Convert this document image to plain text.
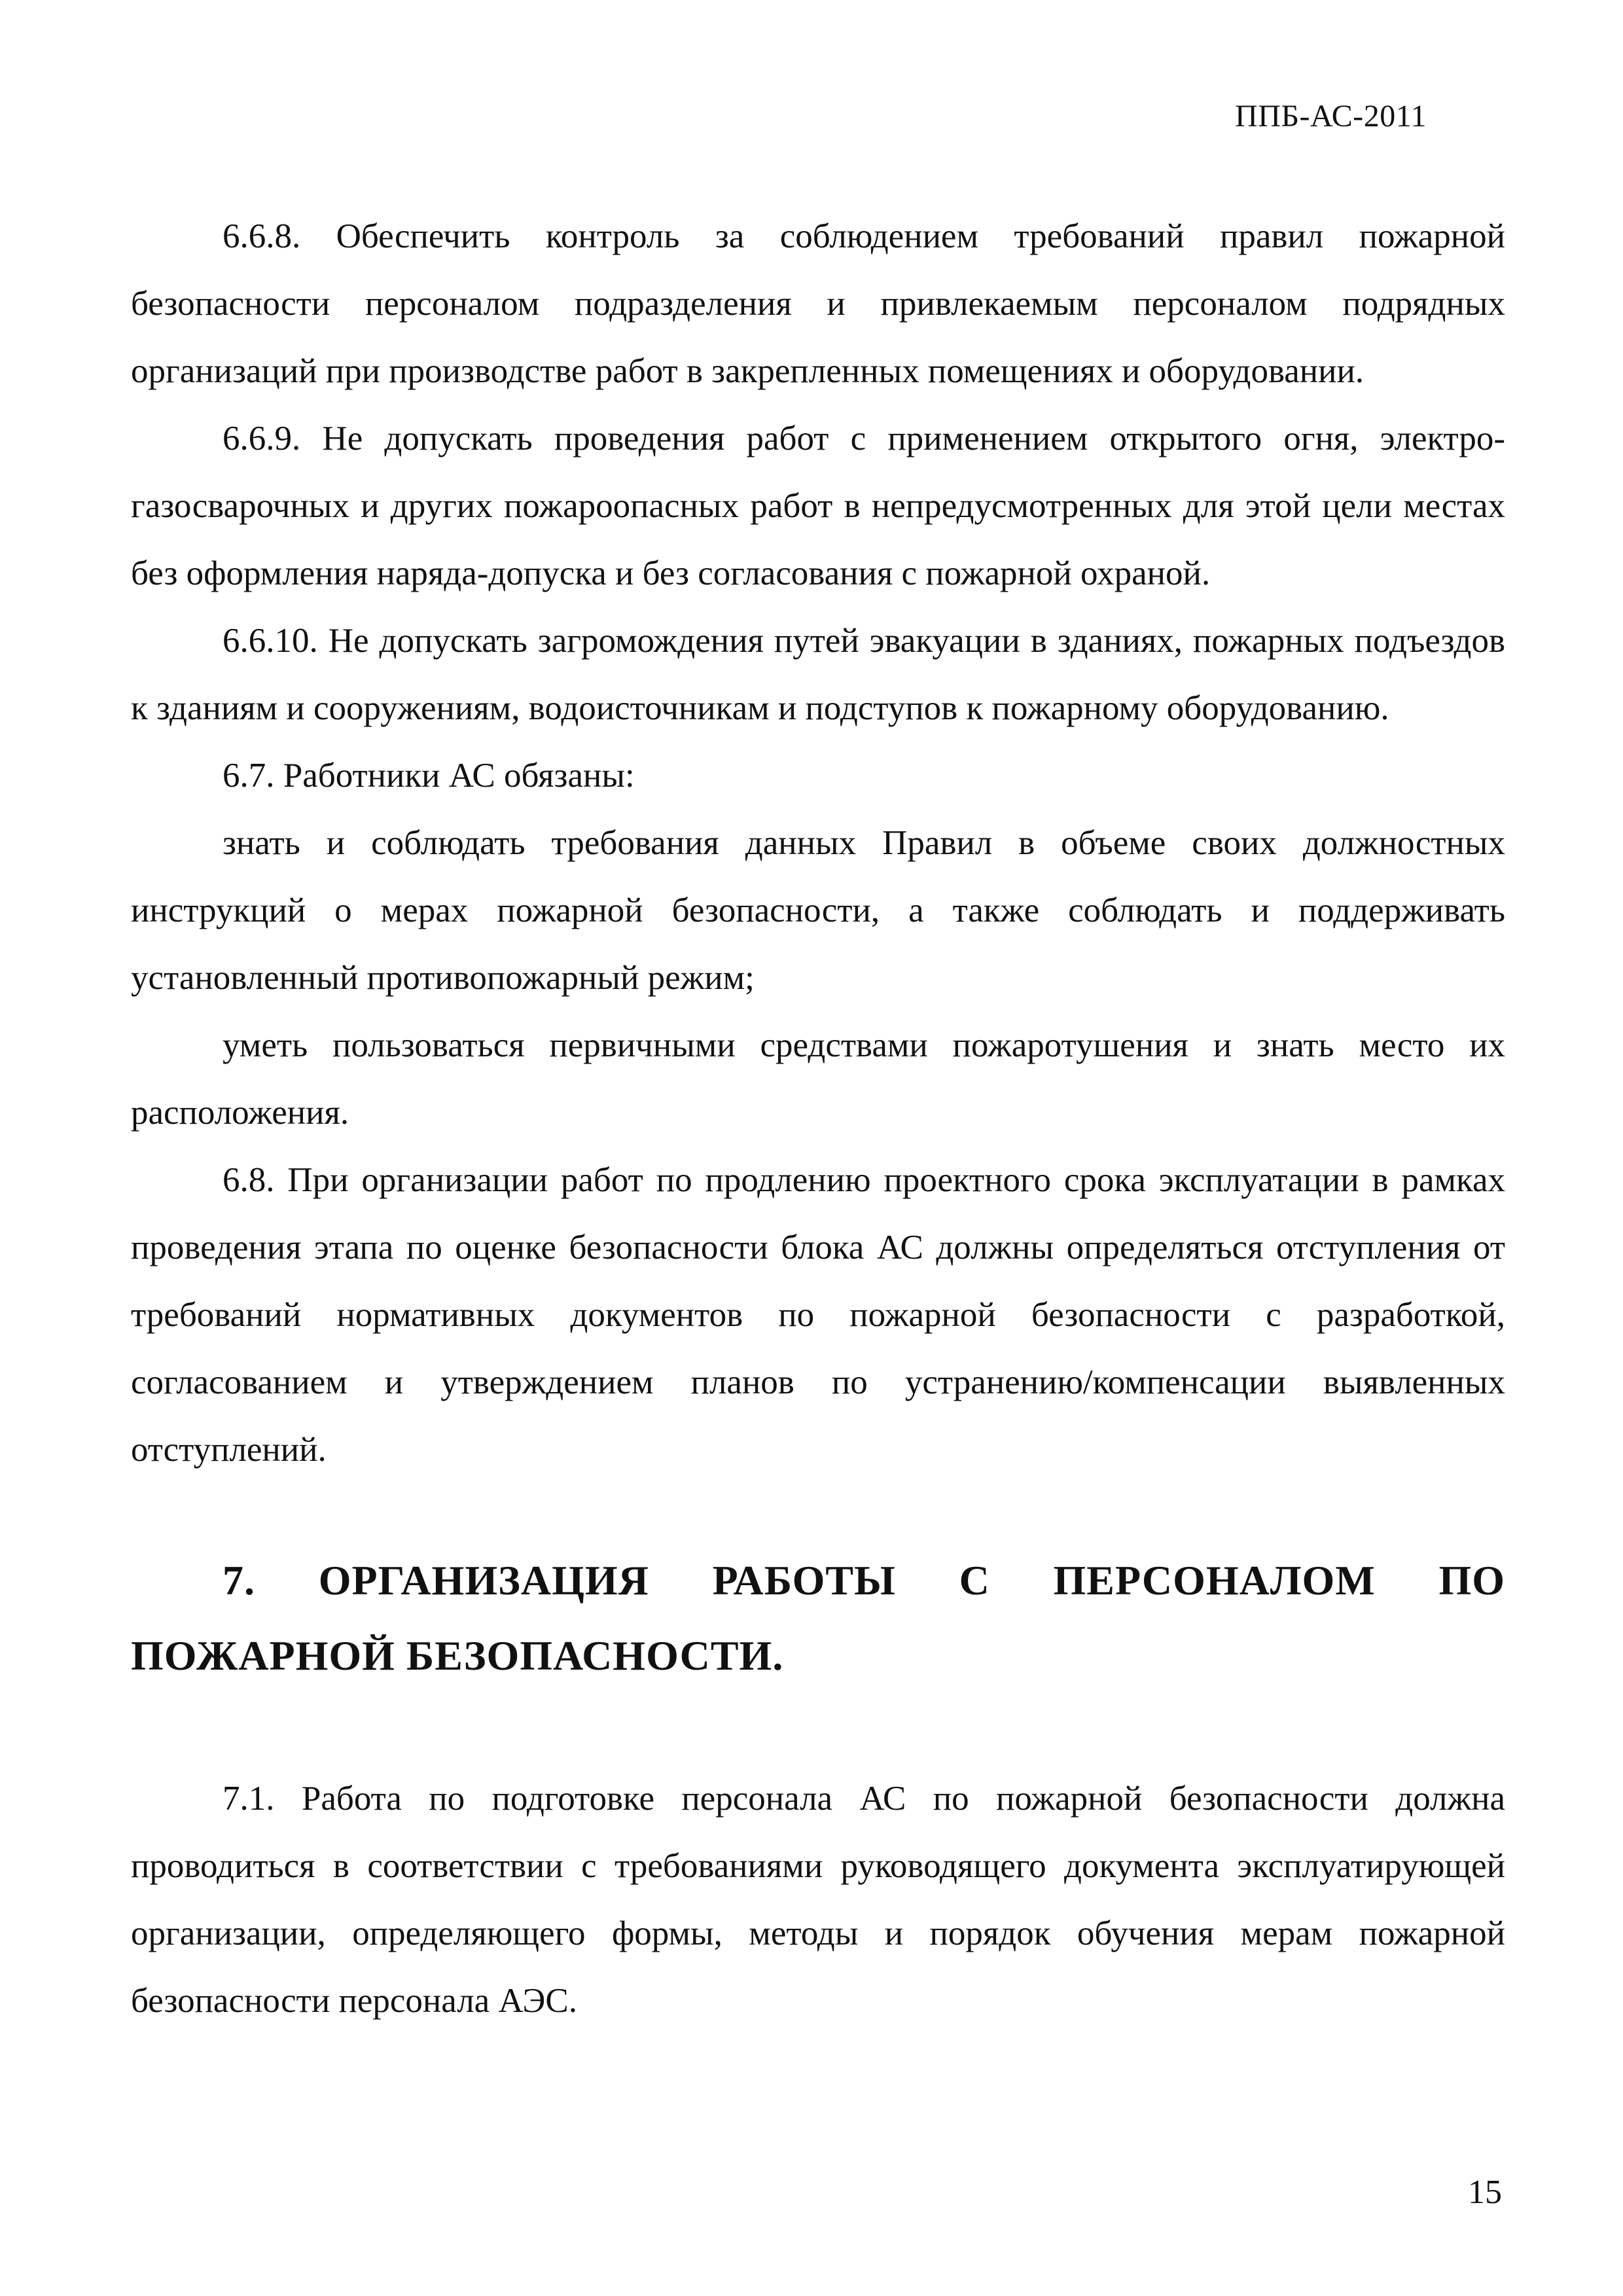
ППБ-АС-2011

6.6.8. Обеспечить контроль за соблюдением требований правил пожарной безопасности персоналом подразделения и привлекаемым персоналом подрядных организаций при производстве работ в закрепленных помещениях и оборудовании.

6.6.9. Не допускать проведения работ с применением открытого огня, электро-газосварочных и других пожароопасных работ в непредусмотренных для этой цели местах без оформления наряда-допуска и без согласования с пожарной охраной.

6.6.10. Не допускать загромождения путей эвакуации в зданиях, пожарных подъездов к зданиям и сооружениям, водоисточникам и подступов к пожарному оборудованию.

6.7. Работники АС обязаны:

знать и соблюдать требования данных Правил в объеме своих должностных инструкций о мерах пожарной безопасности, а также соблюдать и поддерживать установленный противопожарный режим;

уметь пользоваться первичными средствами пожаротушения и знать место их расположения.

6.8. При организации работ по продлению проектного срока эксплуатации в рамках проведения этапа по оценке безопасности блока АС должны определяться отступления от требований нормативных документов по пожарной безопасности с разработкой, согласованием и утверждением планов по устранению/компенсации выявленных отступлений.

7. ОРГАНИЗАЦИЯ РАБОТЫ С ПЕРСОНАЛОМ ПО ПОЖАРНОЙ БЕЗОПАСНОСТИ.

7.1. Работа по подготовке персонала АС по пожарной безопасности должна проводиться в соответствии с требованиями руководящего документа эксплуатирующей организации, определяющего формы, методы и порядок обучения мерам пожарной безопасности персонала АЭС.

15
